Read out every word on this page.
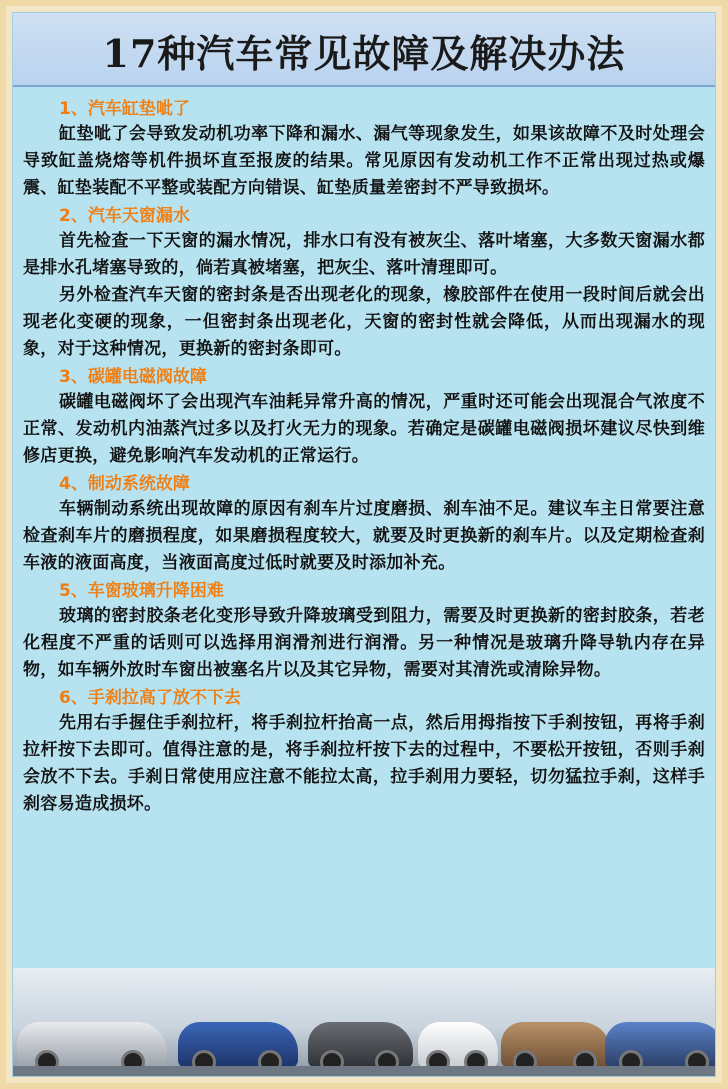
17种汽车常见故障及解决办法
1、汽车缸垫呲了
缸垫呲了会导致发动机功率下降和漏水、漏气等现象发生，如果该故障不及时处理会导致缸盖烧熔等机件损坏直至报废的结果。常见原因有发动机工作不正常出现过热或爆震、缸垫装配不平整或装配方向错误、缸垫质量差密封不严导致损坏。
2、汽车天窗漏水
首先检查一下天窗的漏水情况，排水口有没有被灰尘、落叶堵塞，大多数天窗漏水都是排水孔堵塞导致的，倘若真被堵塞，把灰尘、落叶清理即可。
另外检查汽车天窗的密封条是否出现老化的现象，橡胶部件在使用一段时间后就会出现老化变硬的现象，一但密封条出现老化，天窗的密封性就会降低，从而出现漏水的现象，对于这种情况，更换新的密封条即可。
3、碳罐电磁阀故障
碳罐电磁阀坏了会出现汽车油耗异常升高的情况，严重时还可能会出现混合气浓度不正常、发动机内油蒸汽过多以及打火无力的现象。若确定是碳罐电磁阀损坏建议尽快到维修店更换，避免影响汽车发动机的正常运行。
4、制动系统故障
车辆制动系统出现故障的原因有刹车片过度磨损、刹车油不足。建议车主日常要注意检查刹车片的磨损程度，如果磨损程度较大，就要及时更换新的刹车片。以及定期检查刹车液的液面高度，当液面高度过低时就要及时添加补充。
5、车窗玻璃升降困难
玻璃的密封胶条老化变形导致升降玻璃受到阻力，需要及时更换新的密封胶条，若老化程度不严重的话则可以选择用润滑剂进行润滑。另一种情况是玻璃升降导轨内存在异物，如车辆外放时车窗出被塞名片以及其它异物，需要对其清洗或清除异物。
6、手刹拉高了放不下去
先用右手握住手刹拉杆，将手刹拉杆抬高一点，然后用拇指按下手刹按钮，再将手刹拉杆按下去即可。值得注意的是，将手刹拉杆按下去的过程中，不要松开按钮，否则手刹会放不下去。手刹日常使用应注意不能拉太高，拉手刹用力要轻，切勿猛拉手刹，这样手刹容易造成损坏。
